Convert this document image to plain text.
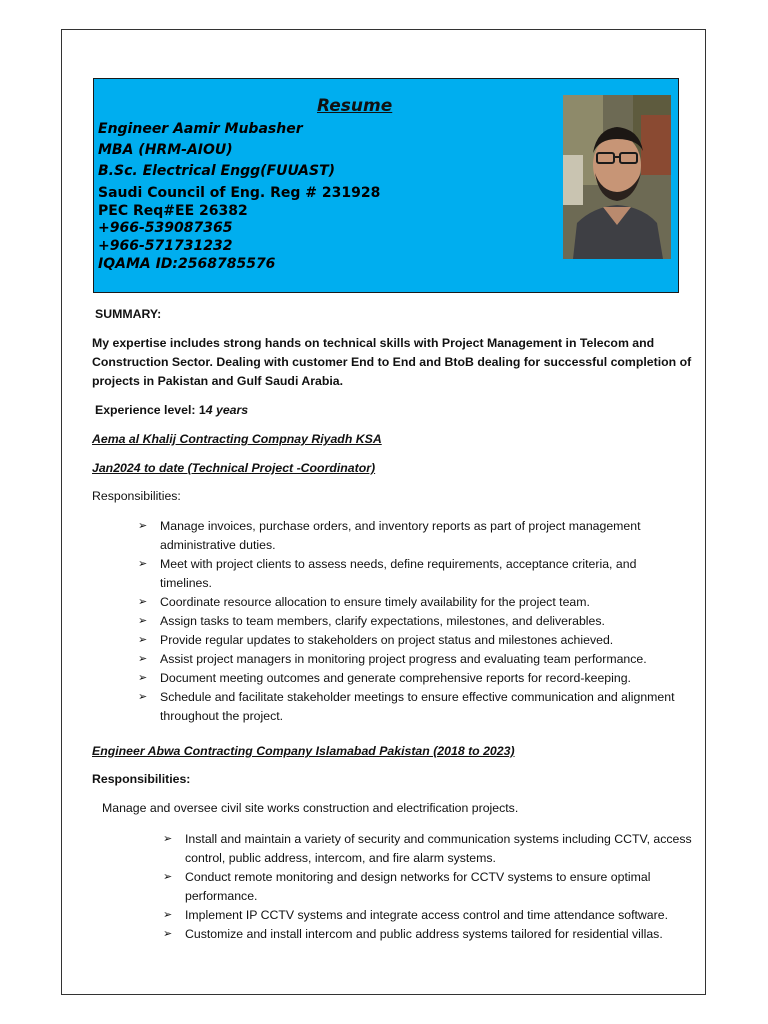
Resume
Engineer Aamir Mubasher
MBA (HRM-AIOU)
B.Sc. Electrical Engg(FUUAST)
Saudi Council of Eng. Reg # 231928
PEC Req#EE 26382
+966-539087365
+966-571731232
IQAMA ID:2568785576
SUMMARY:
My expertise includes strong hands on technical skills with Project Management in Telecom and
Construction Sector. Dealing with customer End to End and BtoB dealing for successful completion of
projects in Pakistan and Gulf Saudi Arabia.
Experience level: 14 years
Aema al Khalij Contracting Compnay Riyadh KSA
Jan2024 to date (Technical Project -Coordinator)
Responsibilities:
➢ Manage invoices, purchase orders, and inventory reports as part of project management
administrative duties.
➢ Meet with project clients to assess needs, define requirements, acceptance criteria, and
timelines.
➢ Coordinate resource allocation to ensure timely availability for the project team.
➢ Assign tasks to team members, clarify expectations, milestones, and deliverables.
➢ Provide regular updates to stakeholders on project status and milestones achieved.
➢ Assist project managers in monitoring project progress and evaluating team performance.
➢ Document meeting outcomes and generate comprehensive reports for record-keeping.
➢ Schedule and facilitate stakeholder meetings to ensure effective communication and alignment
throughout the project.
Engineer Abwa Contracting Company Islamabad Pakistan (2018 to 2023)
Responsibilities:
Manage and oversee civil site works construction and electrification projects.
➢ Install and maintain a variety of security and communication systems including CCTV, access
control, public address, intercom, and fire alarm systems.
➢ Conduct remote monitoring and design networks for CCTV systems to ensure optimal
performance.
➢ Implement IP CCTV systems and integrate access control and time attendance software.
➢ Customize and install intercom and public address systems tailored for residential villas.
